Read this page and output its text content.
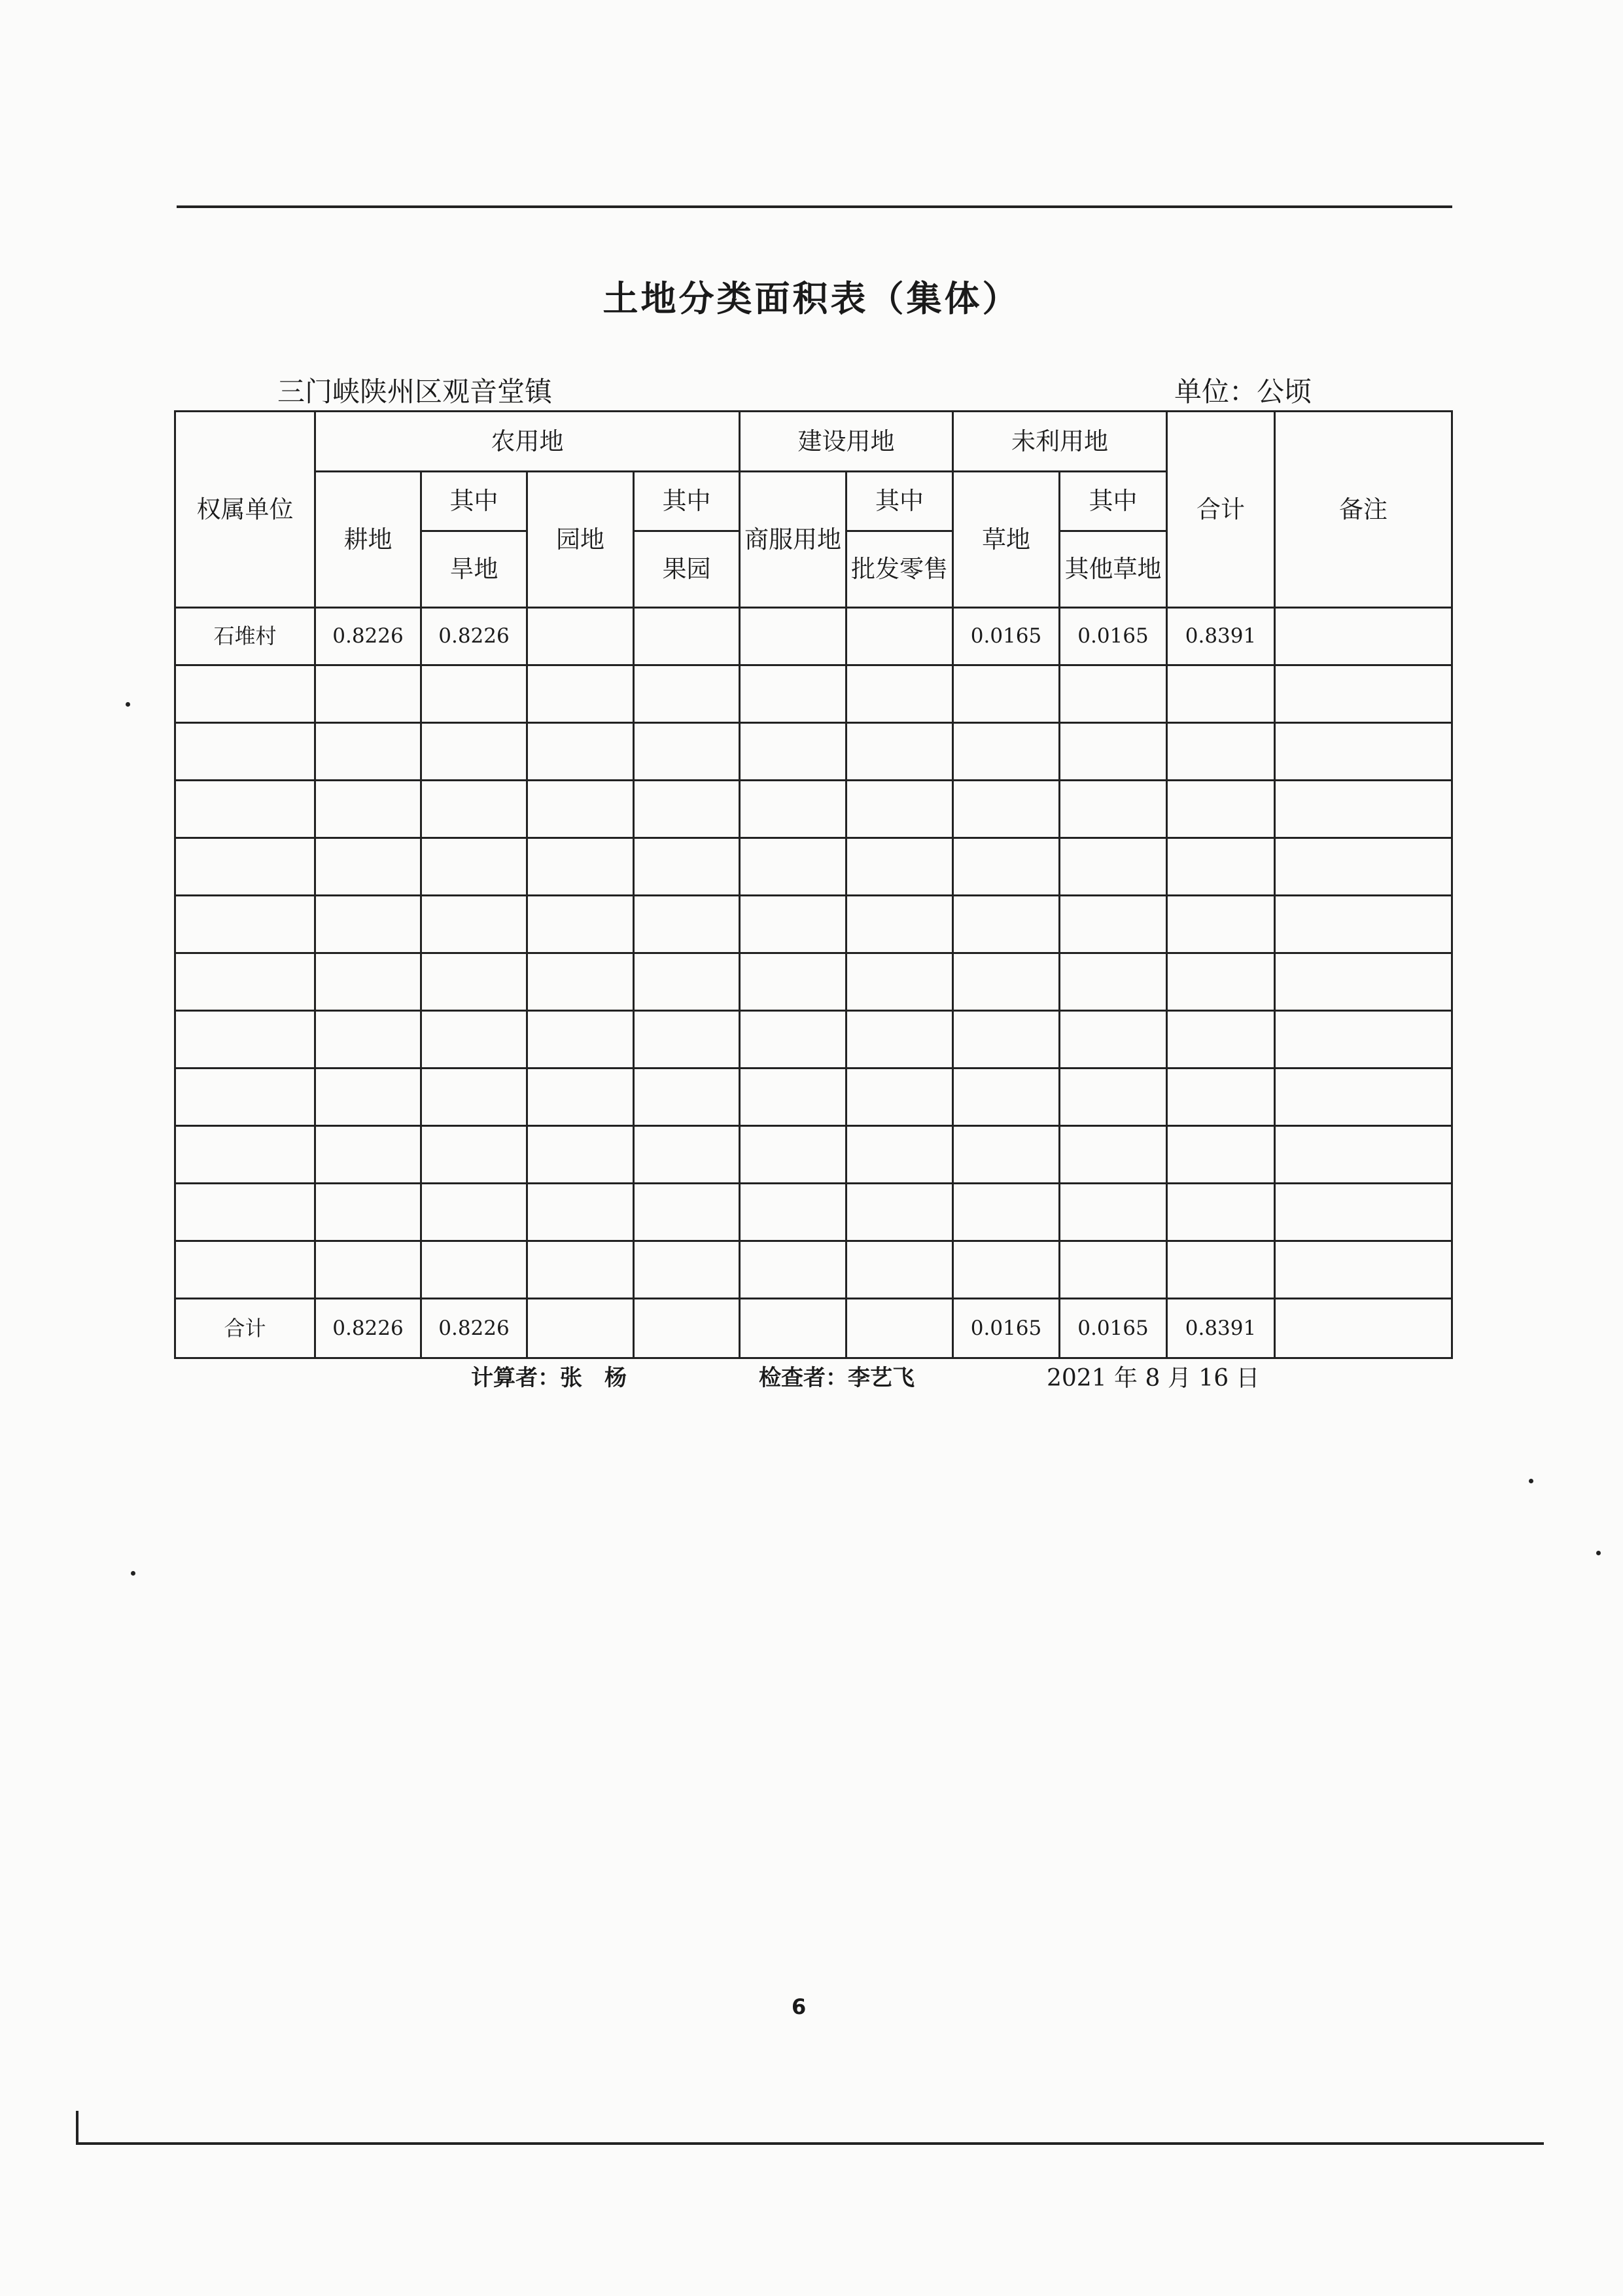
土地分类面积表（集体）
三门峡陕州区观音堂镇	单位：公顷
权属单位	农用地				建设用地		未利用地		合计	备注
	耕地	其中	园地	其中	商服用地	其中	草地	其中		
		旱地		果园		批发零售		其他草地		
石堆村	0.8226	0.8226					0.0165	0.0165	0.8391	

合计	0.8226	0.8226					0.0165	0.0165	0.8391	
计算者：张　杨	检查者：李艺飞	2021 年 8 月 16 日
6
